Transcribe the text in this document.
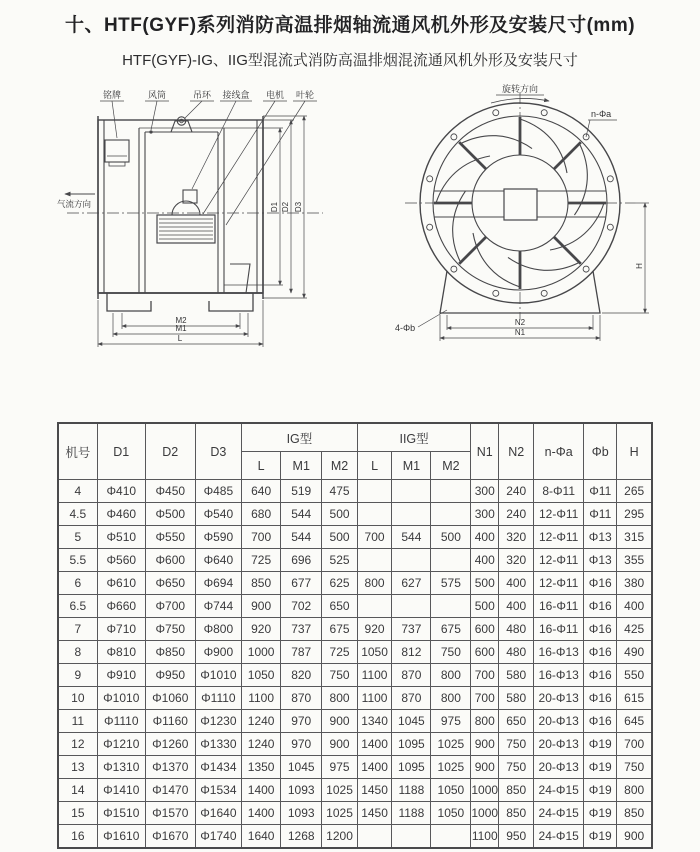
十、HTF(GYF)系列消防高温排烟轴流通风机外形及安装尺寸(mm)
HTF(GYF)-IG、IIG型混流式消防高温排烟混流通风机外形及安装尺寸
铭牌	风筒	吊环 接线盒 电机 叶轮
气流方向	D1 D2 D3
M2
M1
L
旋转方向
n-Φa
4-Φb
N2
N1
H
机号	D1	D2	D3	IG型			IIG型			N1	N2	n-Φa	Φb	H
				L	M1	M2	L	M1	M2					
4	Φ410	Φ450	Φ485	640	519	475				300	240	8-Φ11	Φ11	265
4.5	Φ460	Φ500	Φ540	680	544	500				300	240	12-Φ11	Φ11	295
5	Φ510	Φ550	Φ590	700	544	500	700	544	500	400	320	12-Φ11	Φ13	315
5.5	Φ560	Φ600	Φ640	725	696	525				400	320	12-Φ11	Φ13	355
6	Φ610	Φ650	Φ694	850	677	625	800	627	575	500	400	12-Φ11	Φ16	380
6.5	Φ660	Φ700	Φ744	900	702	650				500	400	16-Φ11	Φ16	400
7	Φ710	Φ750	Φ800	920	737	675	920	737	675	600	480	16-Φ11	Φ16	425
8	Φ810	Φ850	Φ900	1000	787	725	1050	812	750	600	480	16-Φ13	Φ16	490
9	Φ910	Φ950	Φ1010	1050	820	750	1100	870	800	700	580	16-Φ13	Φ16	550
10	Φ1010	Φ1060	Φ1110	1100	870	800	1100	870	800	700	580	20-Φ13	Φ16	615
11	Φ1110	Φ1160	Φ1230	1240	970	900	1340	1045	975	800	650	20-Φ13	Φ16	645
12	Φ1210	Φ1260	Φ1330	1240	970	900	1400	1095	1025	900	750	20-Φ13	Φ19	700
13	Φ1310	Φ1370	Φ1434	1350	1045	975	1400	1095	1025	900	750	20-Φ13	Φ19	750
14	Φ1410	Φ1470	Φ1534	1400	1093	1025	1450	1188	1050	1000	850	24-Φ15	Φ19	800
15	Φ1510	Φ1570	Φ1640	1400	1093	1025	1450	1188	1050	1000	850	24-Φ15	Φ19	850
16	Φ1610	Φ1670	Φ1740	1640	1268	1200				1100	950	24-Φ15	Φ19	900
